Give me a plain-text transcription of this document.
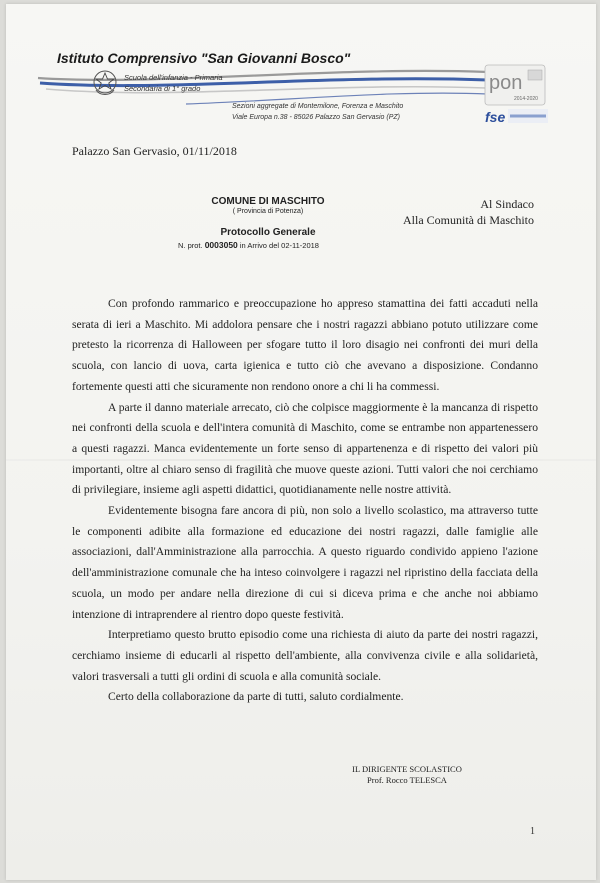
Istituto Comprensivo "San Giovanni Bosco"
Scuola dell'infanzia - Primaria
Secondaria di 1° grado
Sezioni aggregate di Montemilone, Forenza e Maschito
Viale Europa n.38 - 85026 Palazzo San Gervasio (PZ)
pon
2014-2020
fse
Palazzo San Gervasio, 01/11/2018
COMUNE DI MASCHITO
( Provincia di Potenza)
Protocollo Generale
N. prot. 0003050 in Arrivo del 02-11-2018
Al Sindaco
Alla Comunità di Maschito

Con profondo rammarico e preoccupazione ho appreso stamattina dei fatti accaduti nella serata di ieri a Maschito. Mi addolora pensare che i nostri ragazzi abbiano potuto utilizzare come pretesto la ricorrenza di Halloween per sfogare tutto il loro disagio nei confronti dei muri della scuola, con lancio di uova, carta igienica e tutto ciò che avevano a disposizione. Condanno fortemente questi atti che sicuramente non rendono onore a chi li ha commessi.

A parte il danno materiale arrecato, ciò che colpisce maggiormente è la mancanza di rispetto nei confronti della scuola e dell'intera comunità di Maschito, come se entrambe non appartenessero a questi ragazzi. Manca evidentemente un forte senso di appartenenza e di rispetto dei valori più importanti, oltre al chiaro senso di fragilità che muove queste azioni. Tutti valori che noi cerchiamo di privilegiare, insieme agli aspetti didattici, quotidianamente nelle nostre attività.

Evidentemente bisogna fare ancora di più, non solo a livello scolastico, ma attraverso tutte le componenti adibite alla formazione ed educazione dei nostri ragazzi, dalle famiglie alle associazioni, dall'Amministrazione alla parrocchia. A questo riguardo condivido appieno l'azione dell'amministrazione comunale che ha inteso coinvolgere i ragazzi nel ripristino della facciata della scuola, un modo per andare nella direzione di cui si diceva prima e che anche noi abbiamo intenzione di intraprendere al rientro dopo queste festività.

Interpretiamo questo brutto episodio come una richiesta di aiuto da parte dei nostri ragazzi, cerchiamo insieme di educarli al rispetto dell'ambiente, alla convivenza civile e alla solidarietà, valori trasversali a tutti gli ordini di scuola e alla comunità sociale.

Certo della collaborazione da parte di tutti, saluto cordialmente.

IL DIRIGENTE SCOLASTICO
Prof. Rocco TELESCA
1
